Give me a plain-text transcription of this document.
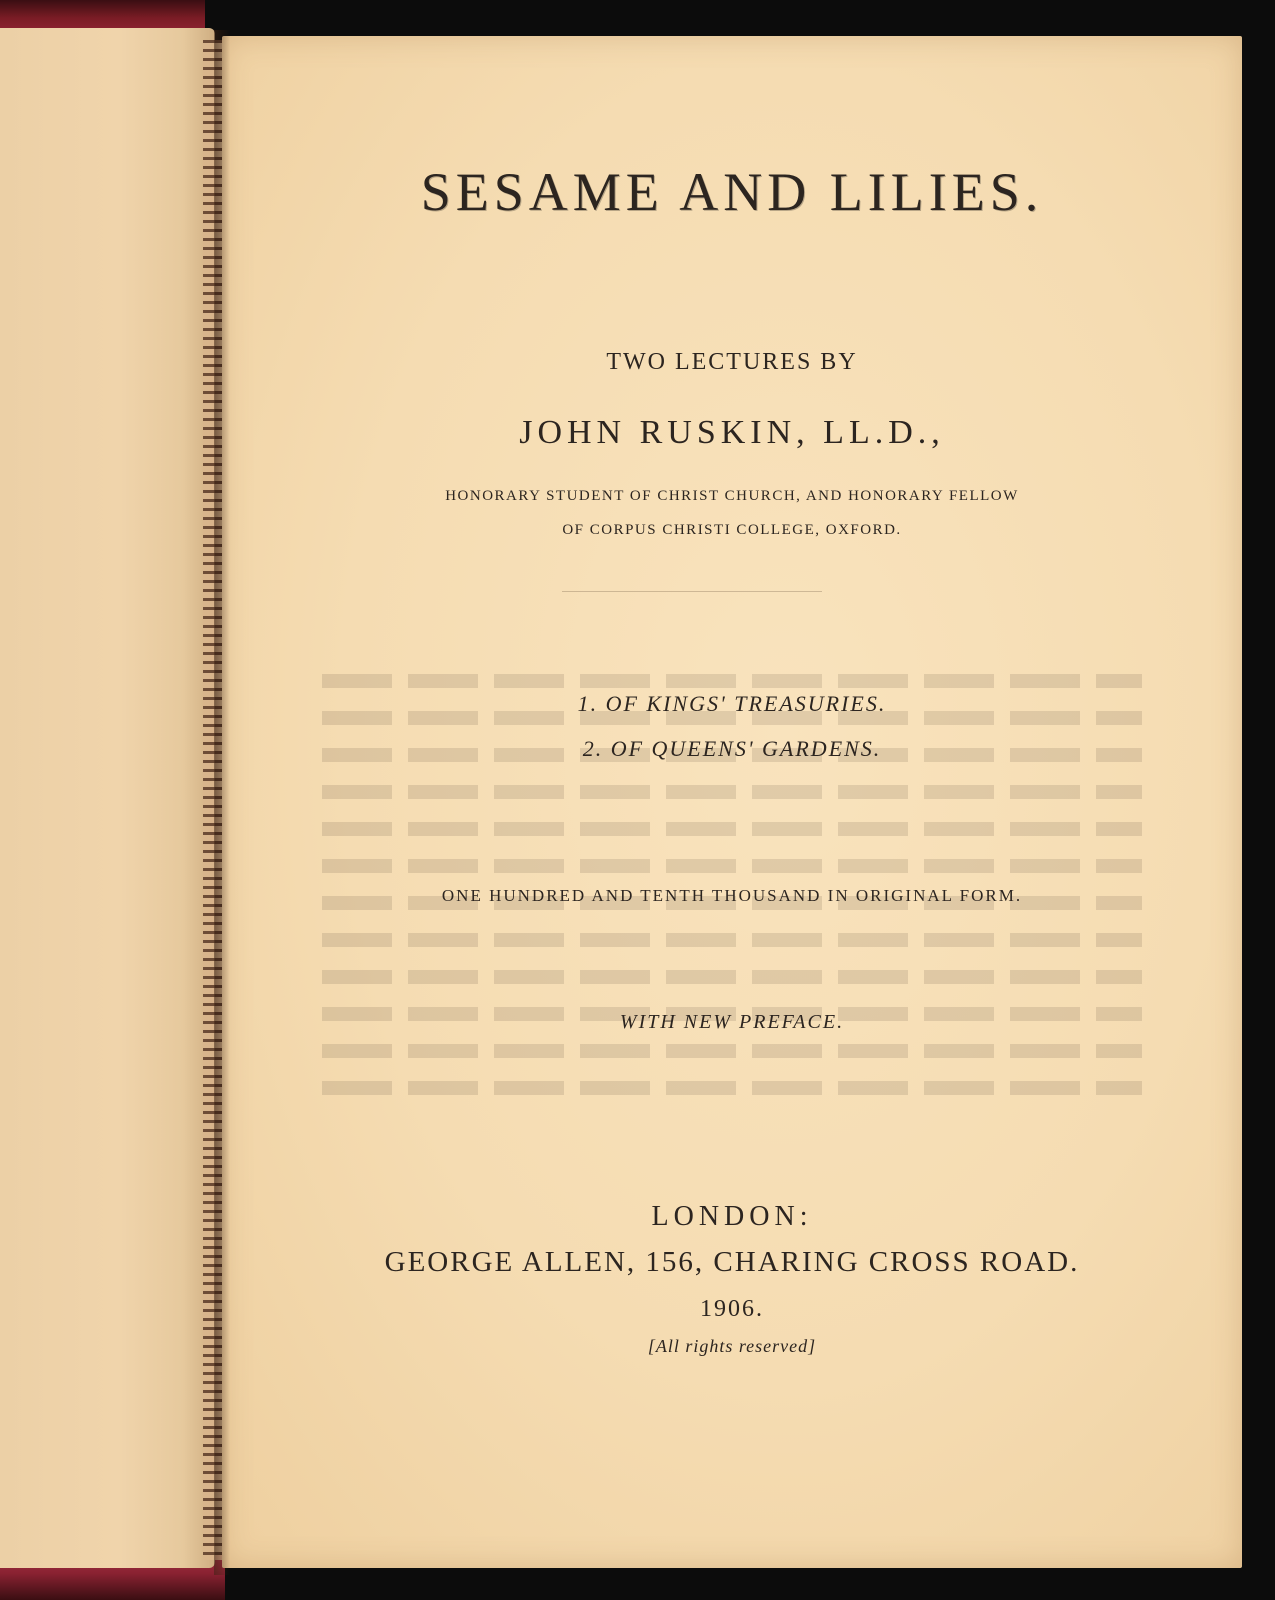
SESAME AND LILIES.
TWO LECTURES BY
JOHN RUSKIN, LL.D.,
HONORARY STUDENT OF CHRIST CHURCH, AND HONORARY FELLOW
OF CORPUS CHRISTI COLLEGE, OXFORD.
1. OF KINGS' TREASURIES.
2. OF QUEENS' GARDENS.
ONE HUNDRED AND TENTH THOUSAND IN ORIGINAL FORM.
WITH NEW PREFACE.
LONDON:
GEORGE ALLEN, 156, CHARING CROSS ROAD.
1906.
[All rights reserved]
